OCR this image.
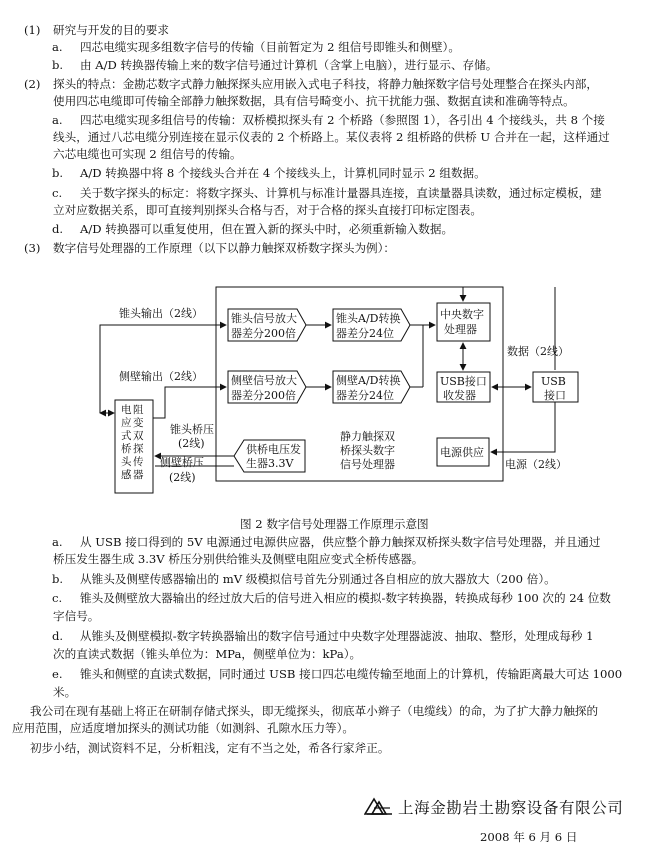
(1) 研究与开发的目的要求
a. 四芯电缆实现多组数字信号的传输（目前暂定为 2 组信号即锥头和侧壁）。
b. 由 A/D 转换器传输上来的数字信号通过计算机（含掌上电脑），进行显示、存储。
(2) 探头的特点：金勘芯数字式静力触探探头应用嵌入式电子科技，将静力触探数字信号处理整合在探头内部，
使用四芯电缆即可传输全部静力触探数据，具有信号畸变小、抗干扰能力强、数据直读和准确等特点。
a. 四芯电缆实现多组信号的传输：双桥模拟探头有 2 个桥路（参照图 1），各引出 4 个接线头，共 8 个接
线头，通过八芯电缆分别连接在显示仪表的 2 个桥路上。某仪表将 2 组桥路的供桥 U 合并在一起，这样通过
六芯电缆也可实现 2 组信号的传输。
b. A/D 转换器中将 8 个接线头合并在 4 个接线头上，计算机同时显示 2 组数据。
c. 关于数字探头的标定：将数字探头、计算机与标准计量器具连接，直读量器具读数，通过标定模板，建
立对应数据关系，即可直接判别探头合格与否，对于合格的探头直接打印标定图表。
d. A/D 转换器可以重复使用，但在置入新的探头中时，必须重新输入数据。
(3) 数字信号处理器的工作原理（以下以静力触探双桥数字探头为例）：
锥头输出（2线）
侧壁输出（2线）
数据（2线）
电源（2线）
锥头桥压
(2线)
侧壁桥压
(2线)
锥头信号放大
器差分200倍
锥头A/D转换
器差分24位
中央数字
处理器
侧壁信号放大
器差分200倍
侧壁A/D转换
器差分24位
USB接口
收发器
USB
接口
供桥电压发
生器3.3V
静力触探双
桥探头数字
信号处理器
电源供应
电 阻
应 变
式 双
桥 探
头 传
感 器
图 2 数字信号处理器工作原理示意图
a. 从 USB 接口得到的 5V 电源通过电源供应器，供应整个静力触探双桥探头数字信号处理器，并且通过
桥压发生器生成 3.3V 桥压分别供给锥头及侧壁电阻应变式全桥传感器。
b. 从锥头及侧壁传感器输出的 mV 级模拟信号首先分别通过各自相应的放大器放大（200 倍）。
c. 锥头及侧壁放大器输出的经过放大后的信号进入相应的模拟-数字转换器，转换成每秒 100 次的 24 位数
字信号。
d. 从锥头及侧壁模拟-数字转换器输出的数字信号通过中央数字处理器滤波、抽取、整形，处理成每秒 1
次的直读式数据（锥头单位为：MPa，侧壁单位为：kPa）。
e. 锥头和侧壁的直读式数据，同时通过 USB 接口四芯电缆传输至地面上的计算机，传输距离最大可达 1000
米。
我公司在现有基础上将正在研制存储式探头，即无缆探头，彻底革小辫子（电缆线）的命，为了扩大静力触探的
应用范围，应适度增加探头的测试功能（如测斜、孔隙水压力等）。
初步小结，测试资料不足，分析粗浅，定有不当之处，希各行家斧正。
上海金勘岩土勘察设备有限公司
2008 年 6 月 6 日
